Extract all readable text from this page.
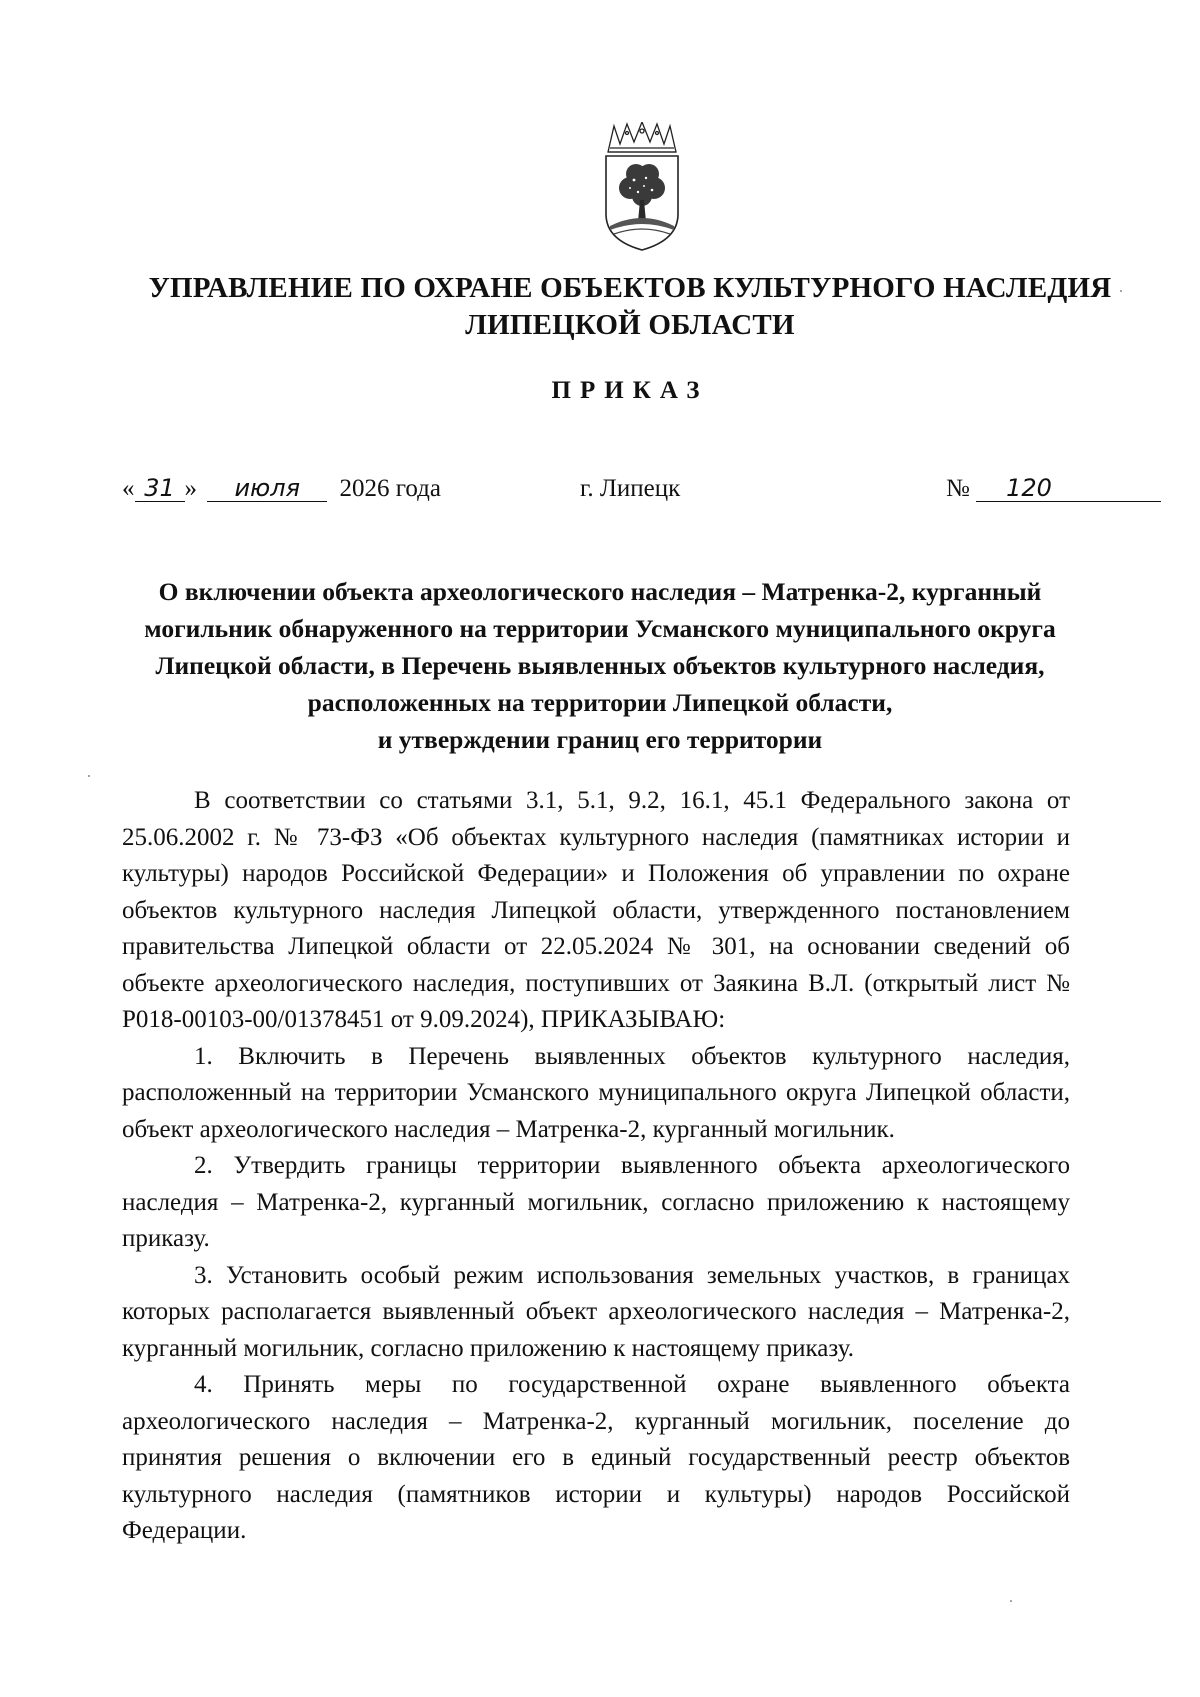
УПРАВЛЕНИЕ ПО ОХРАНЕ ОБЪЕКТОВ КУЛЬТУРНОГО НАСЛЕДИЯ
ЛИПЕЦКОЙ ОБЛАСТИ
ПРИКАЗ
« 31 » июля 2026 года	г. Липецк	№ 120
О включении объекта археологического наследия – Матренка-2, курганный
могильник обнаруженного на территории Усманского муниципального округа
Липецкой области, в Перечень выявленных объектов культурного наследия,
расположенных на территории Липецкой области,
и утверждении границ его территории

В соответствии со статьями 3.1, 5.1, 9.2, 16.1, 45.1 Федерального закона от 25.06.2002 г. № 73-ФЗ «Об объектах культурного наследия (памятниках истории и культуры) народов Российской Федерации» и Положения об управлении по охране объектов культурного наследия Липецкой области, утвержденного постановлением правительства Липецкой области от 22.05.2024 № 301, на основании сведений об объекте археологического наследия, поступивших от Заякина В.Л. (открытый лист № Р018-00103-00/01378451 от 9.09.2024), ПРИКАЗЫВАЮ:

1. Включить в Перечень выявленных объектов культурного наследия, расположенный на территории Усманского муниципального округа Липецкой области, объект археологического наследия – Матренка-2, курганный могильник.

2. Утвердить границы территории выявленного объекта археологического наследия – Матренка-2, курганный могильник, согласно приложению к настоящему приказу.

3. Установить особый режим использования земельных участков, в границах которых располагается выявленный объект археологического наследия – Матренка-2, курганный могильник, согласно приложению к настоящему приказу.

4. Принять меры по государственной охране выявленного объекта археологического наследия – Матренка-2, курганный могильник, поселение до принятия решения о включении его в единый государственный реестр объектов культурного наследия (памятников истории и культуры) народов Российской Федерации.
